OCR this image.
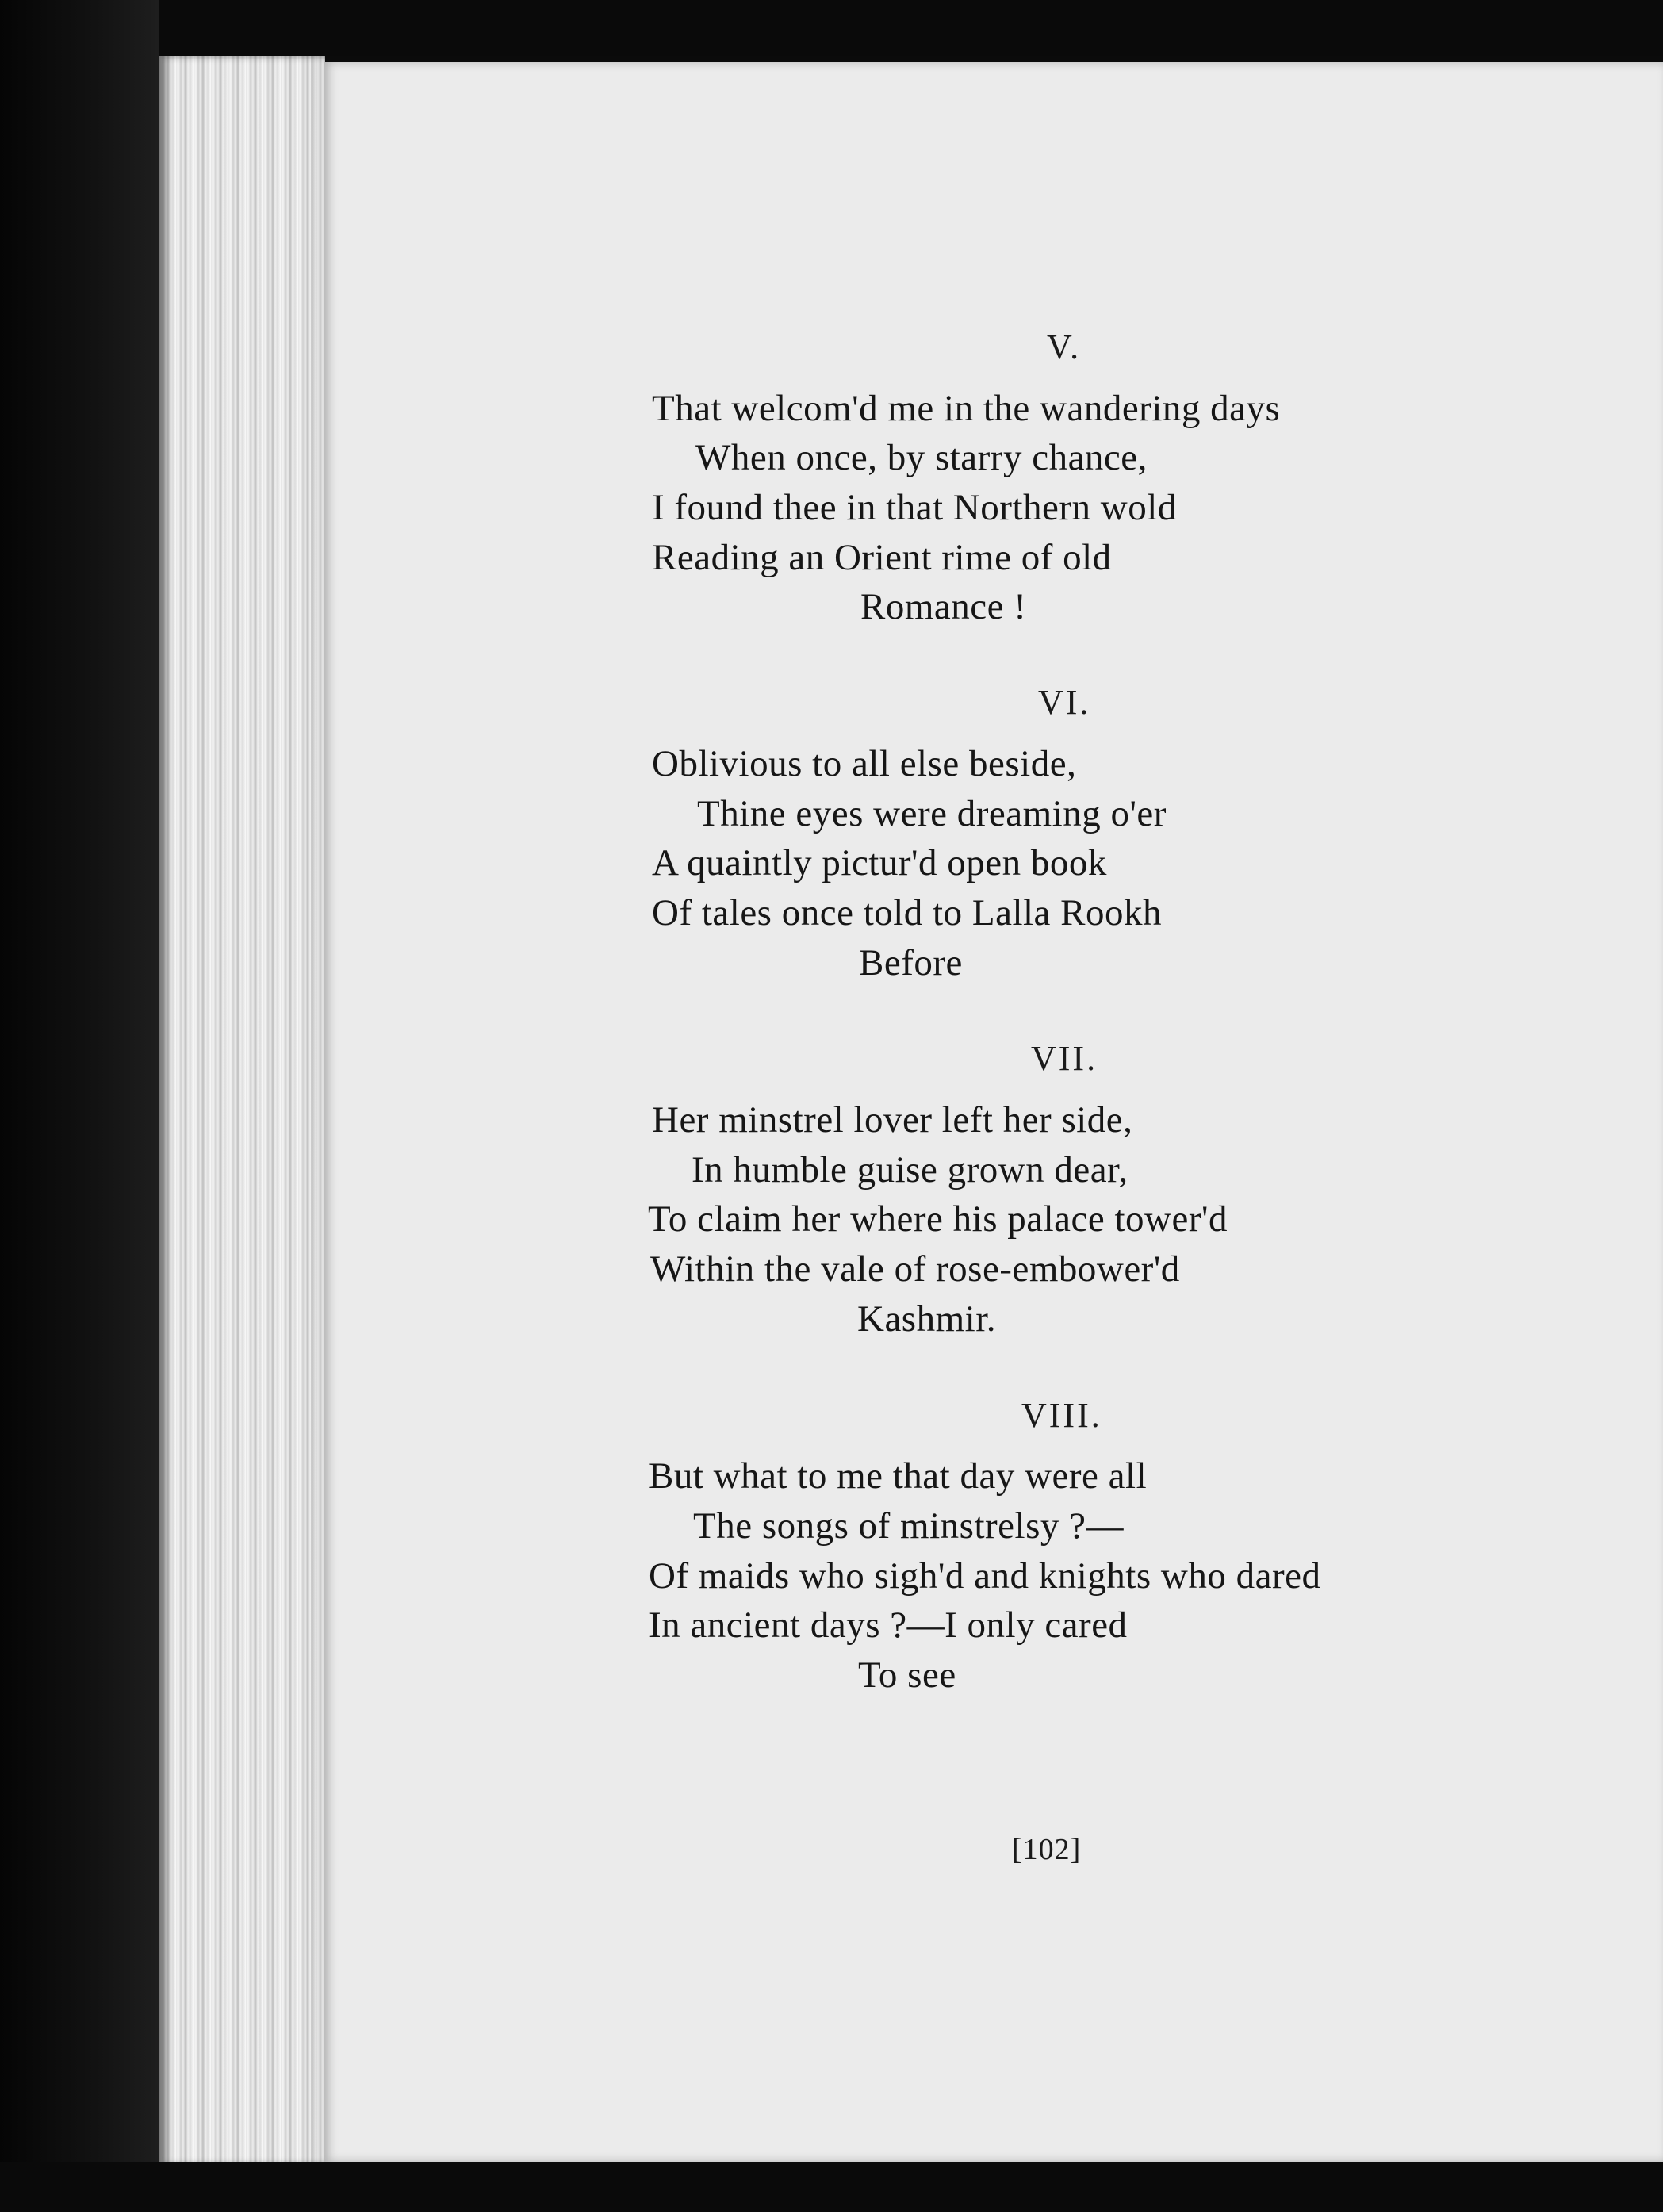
V.
That welcom'd me in the wandering days
When once, by starry chance,
I found thee in that Northern wold
Reading an Orient rime of old
Romance !
VI.
Oblivious to all else beside,
Thine eyes were dreaming o'er
A quaintly pictur'd open book
Of tales once told to Lalla Rookh
Before
VII.
Her minstrel lover left her side,
In humble guise grown dear,
To claim her where his palace tower'd
Within the vale of rose-embower'd
Kashmir.
VIII.
But what to me that day were all
The songs of minstrelsy ?—
Of maids who sigh'd and knights who dared
In ancient days ?—I only cared
To see
[102]
